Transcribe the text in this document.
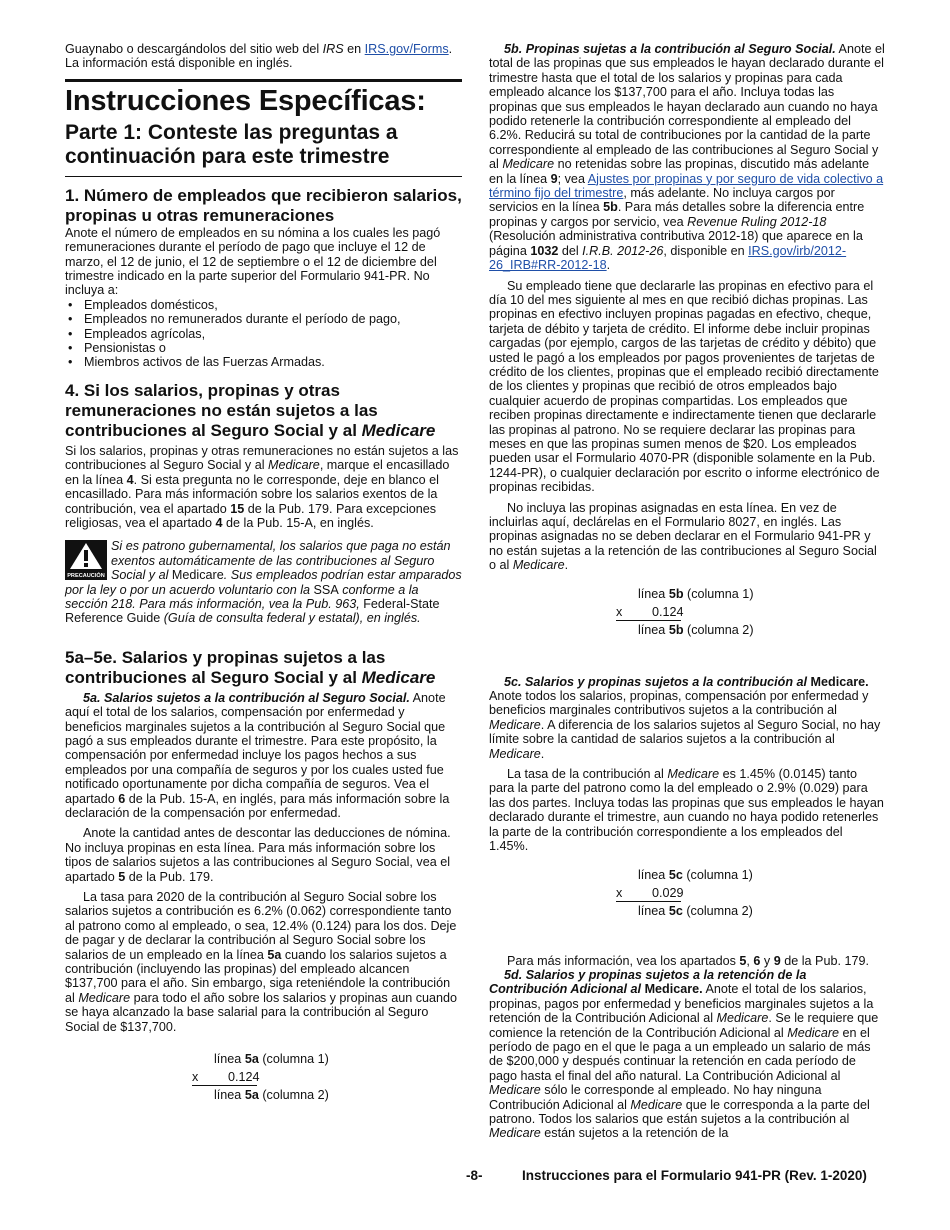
Guaynabo o descargándolos del sitio web del IRS en IRS.gov/Forms. La información está disponible en inglés.

Instrucciones Específicas:
Parte 1: Conteste las preguntas a continuación para este trimestre
1. Número de empleados que recibieron salarios, propinas u otras remuneraciones

Anote el número de empleados en su nómina a los cuales les pagó remuneraciones durante el período de pago que incluye el 12 de marzo, el 12 de junio, el 12 de septiembre o el 12 de diciembre del trimestre indicado en la parte superior del Formulario 941-PR. No incluya a:

• Empleados domésticos,
• Empleados no remunerados durante el período de pago,
• Empleados agrícolas,
• Pensionistas o
• Miembros activos de las Fuerzas Armadas.
4. Si los salarios, propinas y otras remuneraciones no están sujetos a las contribuciones al Seguro Social y al Medicare

Si los salarios, propinas y otras remuneraciones no están sujetos a las contribuciones al Seguro Social y al Medicare, marque el encasillado en la línea 4. Si esta pregunta no le corresponde, deje en blanco el encasillado. Para más información sobre los salarios exentos de la contribución, vea el apartado 15 de la Pub. 179. Para excepciones religiosas, vea el apartado 4 de la Pub. 15-A, en inglés.

PRECAUCIÓN

Si es patrono gubernamental, los salarios que paga no están exentos automáticamente de las contribuciones al Seguro Social y al Medicare. Sus empleados podrían estar amparados por la ley o por un acuerdo voluntario con la SSA conforme a la sección 218. Para más información, vea la Pub. 963, Federal-State Reference Guide (Guía de consulta federal y estatal), en inglés.

5a–5e. Salarios y propinas sujetos a las contribuciones al Seguro Social y al Medicare

5a. Salarios sujetos a la contribución al Seguro Social. Anote aquí el total de los salarios, compensación por enfermedad y beneficios marginales sujetos a la contribución al Seguro Social que pagó a sus empleados durante el trimestre. Para este propósito, la compensación por enfermedad incluye los pagos hechos a sus empleados por una compañía de seguros y por los cuales usted fue notificado oportunamente por dicha compañía de seguros. Vea el apartado 6 de la Pub. 15-A, en inglés, para más información sobre la declaración de la compensación por enfermedad.

Anote la cantidad antes de descontar las deducciones de nómina. No incluya propinas en esta línea. Para más información sobre los tipos de salarios sujetos a las contribuciones al Seguro Social, vea el apartado 5 de la Pub. 179.

La tasa para 2020 de la contribución al Seguro Social sobre los salarios sujetos a contribución es 6.2% (0.062) correspondiente tanto al patrono como al empleado, o sea, 12.4% (0.124) para los dos. Deje de pagar y de declarar la contribución al Seguro Social sobre los salarios de un empleado en la línea 5a cuando los salarios sujetos a contribución (incluyendo las propinas) del empleado alcancen $137,700 para el año. Sin embargo, siga reteniéndole la contribución al Medicare para todo el año sobre los salarios y propinas aun cuando se haya alcanzado la base salarial para la contribución al Seguro Social de $137,700.

línea 5a (columna 1)
x 0.124
línea 5a (columna 2)

5b. Propinas sujetas a la contribución al Seguro Social. Anote el total de las propinas que sus empleados le hayan declarado durante el trimestre hasta que el total de los salarios y propinas para cada empleado alcance los $137,700 para el año. Incluya todas las propinas que sus empleados le hayan declarado aun cuando no haya podido retenerle la contribución correspondiente al empleado del 6.2%. Reducirá su total de contribuciones por la cantidad de la parte correspondiente al empleado de las contribuciones al Seguro Social y al Medicare no retenidas sobre las propinas, discutido más adelante en la línea 9; vea Ajustes por propinas y por seguro de vida colectivo a término fijo del trimestre, más adelante. No incluya cargos por servicios en la línea 5b. Para más detalles sobre la diferencia entre propinas y cargos por servicio, vea Revenue Ruling 2012-18 (Resolución administrativa contributiva 2012-18) que aparece en la página 1032 del I.R.B. 2012-26, disponible en IRS.gov/irb/2012-26_IRB#RR-2012-18.

Su empleado tiene que declararle las propinas en efectivo para el día 10 del mes siguiente al mes en que recibió dichas propinas. Las propinas en efectivo incluyen propinas pagadas en efectivo, cheque, tarjeta de débito y tarjeta de crédito. El informe debe incluir propinas cargadas (por ejemplo, cargos de las tarjetas de crédito y débito) que usted le pagó a los empleados por pagos provenientes de tarjetas de crédito de los clientes, propinas que el empleado recibió directamente de los clientes y propinas que recibió de otros empleados bajo cualquier acuerdo de propinas compartidas. Los empleados que reciben propinas directamente e indirectamente tienen que declararle las propinas al patrono. No se requiere declarar las propinas para meses en que las propinas sumen menos de $20. Los empleados pueden usar el Formulario 4070-PR (disponible solamente en la Pub. 1244-PR), o cualquier declaración por escrito o informe electrónico de propinas recibidas.

No incluya las propinas asignadas en esta línea. En vez de incluirlas aquí, declárelas en el Formulario 8027, en inglés. Las propinas asignadas no se deben declarar en el Formulario 941-PR y no están sujetas a la retención de las contribuciones al Seguro Social o al Medicare.

línea 5b (columna 1)
x 0.124
línea 5b (columna 2)

5c. Salarios y propinas sujetos a la contribución al Medicare. Anote todos los salarios, propinas, compensación por enfermedad y beneficios marginales contributivos sujetos a la contribución al Medicare. A diferencia de los salarios sujetos al Seguro Social, no hay límite sobre la cantidad de salarios sujetos a la contribución al Medicare.

La tasa de la contribución al Medicare es 1.45% (0.0145) tanto para la parte del patrono como la del empleado o 2.9% (0.029) para las dos partes. Incluya todas las propinas que sus empleados le hayan declarado durante el trimestre, aun cuando no haya podido retenerles la parte de la contribución correspondiente a los empleados del 1.45%.

línea 5c (columna 1)
x 0.029
línea 5c (columna 2)

Para más información, vea los apartados 5, 6 y 9 de la Pub. 179.

5d. Salarios y propinas sujetos a la retención de la Contribución Adicional al Medicare. Anote el total de los salarios, propinas, pagos por enfermedad y beneficios marginales sujetos a la retención de la Contribución Adicional al Medicare. Se le requiere que comience la retención de la Contribución Adicional al Medicare en el período de pago en el que le paga a un empleado un salario de más de $200,000 y después continuar la retención en cada período de pago hasta el final del año natural. La Contribución Adicional al Medicare sólo le corresponde al empleado. No hay ninguna Contribución Adicional al Medicare que le corresponda a la parte del patrono. Todos los salarios que están sujetos a la contribución al Medicare están sujetos a la retención de la

-8-	Instrucciones para el Formulario 941-PR (Rev. 1-2020)
